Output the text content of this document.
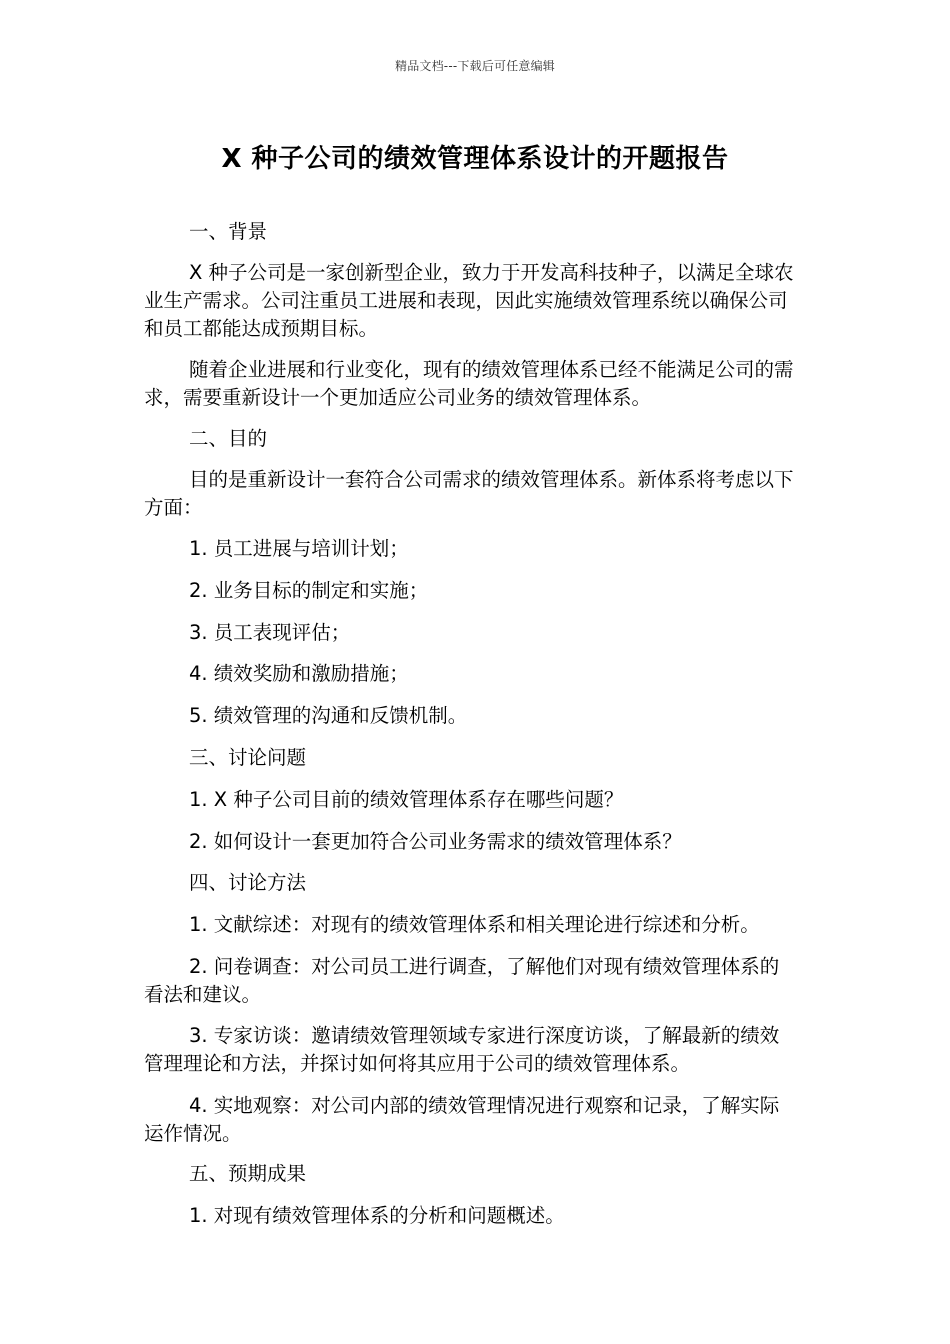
精品文档---下载后可任意编辑
X 种子公司的绩效管理体系设计的开题报告

一、背景

X 种子公司是一家创新型企业，致力于开发高科技种子，以满足全球农业生产需求。公司注重员工进展和表现，因此实施绩效管理系统以确保公司和员工都能达成预期目标。

随着企业进展和行业变化，现有的绩效管理体系已经不能满足公司的需求，需要重新设计一个更加适应公司业务的绩效管理体系。

二、目的

目的是重新设计一套符合公司需求的绩效管理体系。新体系将考虑以下方面：

1. 员工进展与培训计划；

2. 业务目标的制定和实施；

3. 员工表现评估；

4. 绩效奖励和激励措施；

5. 绩效管理的沟通和反馈机制。

三、讨论问题

1. X 种子公司目前的绩效管理体系存在哪些问题？

2. 如何设计一套更加符合公司业务需求的绩效管理体系？

四、讨论方法

1. 文献综述：对现有的绩效管理体系和相关理论进行综述和分析。

2. 问卷调查：对公司员工进行调查，了解他们对现有绩效管理体系的看法和建议。

3. 专家访谈：邀请绩效管理领域专家进行深度访谈，了解最新的绩效管理理论和方法，并探讨如何将其应用于公司的绩效管理体系。

4. 实地观察：对公司内部的绩效管理情况进行观察和记录，了解实际运作情况。

五、预期成果

1. 对现有绩效管理体系的分析和问题概述。
